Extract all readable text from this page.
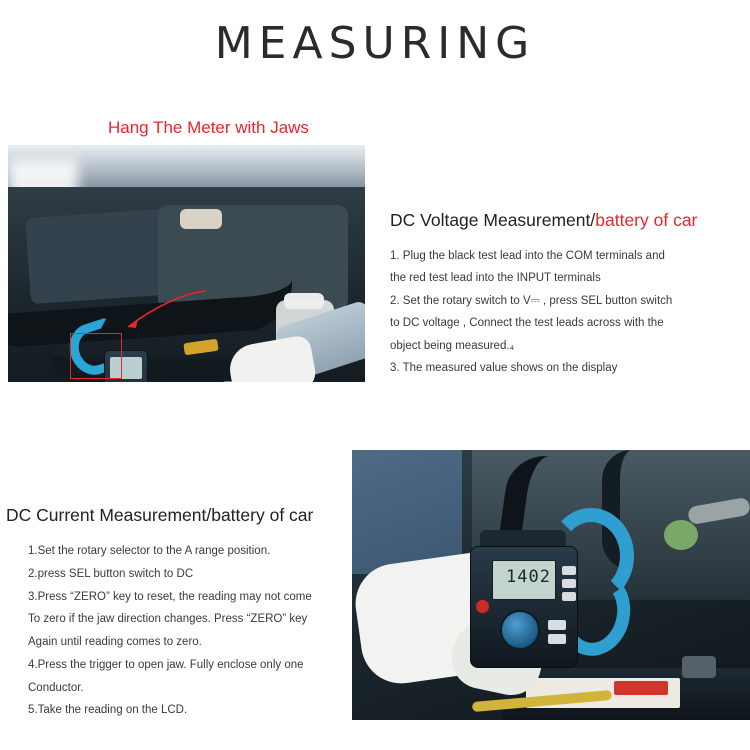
MEASURING
Hang The Meter with Jaws
DC Voltage Measurement/battery of car
1. Plug the black test lead into the COM terminals and
the red test lead into the INPUT terminals
2. Set the rotary switch to V⎓ , press SEL button switch
to DC voltage , Connect the test leads across with the
object being measured.₄
3. The measured value shows on the display
DC Current Measurement/battery of car
1.Set the rotary selector to the A range position.
2.press SEL button switch to DC
3.Press “ZERO” key to reset, the reading may not come
To zero if the jaw direction changes. Press “ZERO” key
Again until reading comes to zero.
4.Press the trigger to open jaw. Fully enclose only one
Conductor.
5.Take the reading on the LCD.
1402
